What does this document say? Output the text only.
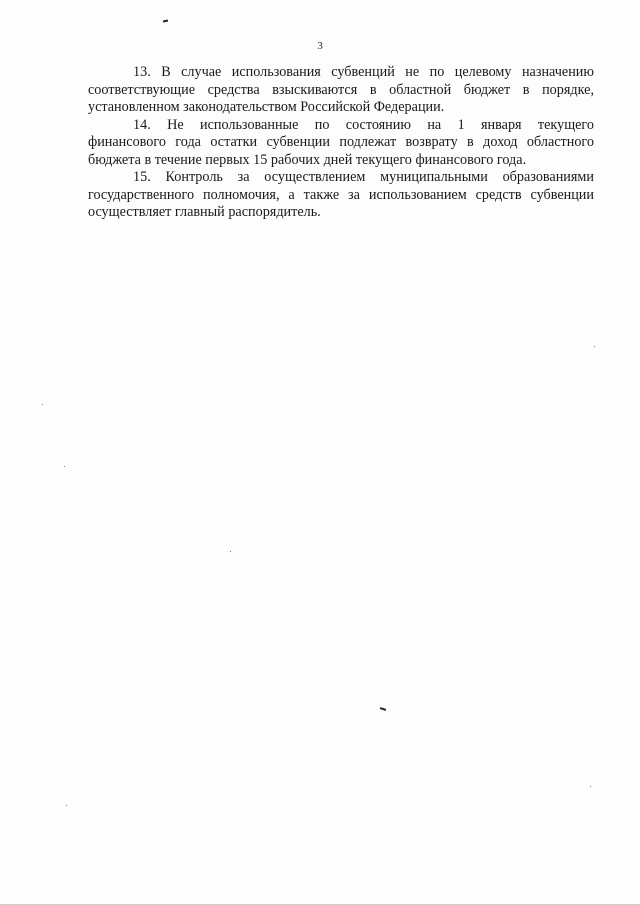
3

13. В случае использования субвенций не по целевому назначению
соответствующие средства взыскиваются в областной бюджет в порядке,
установленном законодательством Российской Федерации.

14. Не использованные по состоянию на 1 января текущего
финансового года остатки субвенции подлежат возврату в доход областного
бюджета в течение первых 15 рабочих дней текущего финансового года.

15. Контроль за осуществлением муниципальными образованиями
государственного полномочия, а также за использованием средств субвенции
осуществляет главный распорядитель.
